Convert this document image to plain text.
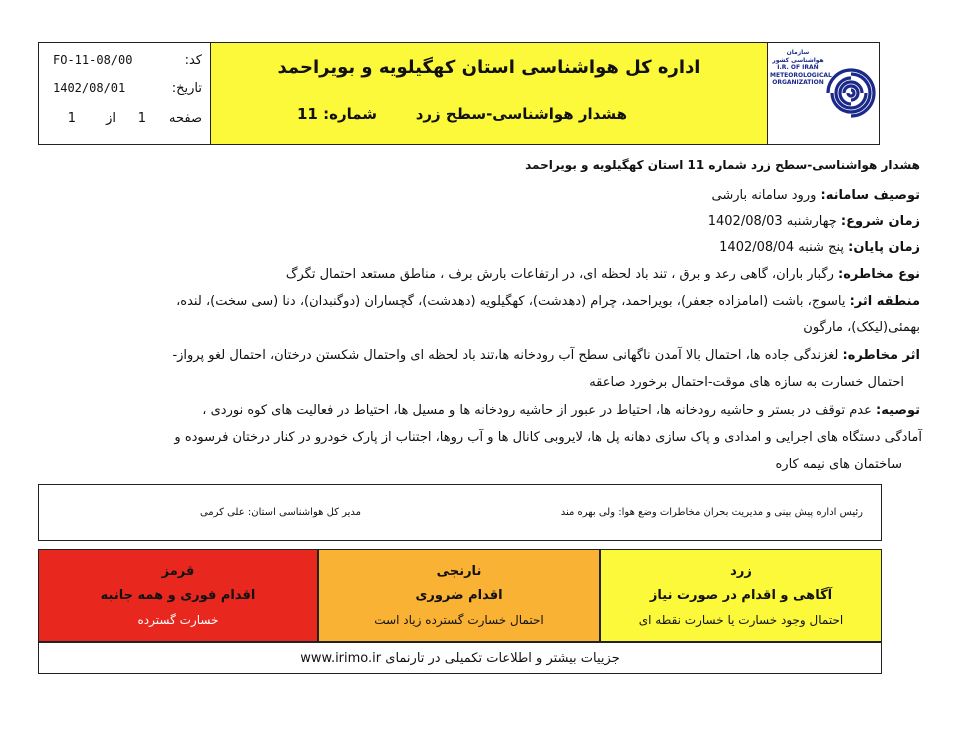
کد:
FO-11-08/00
تاریخ:
1402/08/01
صفحه
1
از
1
اداره کل هواشناسی استان کهگیلویه و بویراحمد
هشدار هواشناسی-سطح زرد
شماره: 11
سازمان هواشناسی کشور
I.R. OF IRAN
METEOROLOGICAL
ORGANIZATION
هشدار هواشناسی-سطح زرد شماره 11 استان کهگیلویه و بویراحمد
توصیف سامانه: ورود سامانه بارشی
زمان شروع: چهارشنبه 1402/08/03
زمان پایان: پنج شنبه 1402/08/04
نوع مخاطره: رگبار باران، گاهی رعد و برق ، تند باد لحظه ای، در ارتفاعات بارش برف ، مناطق مستعد احتمال تگرگ
منطقه اثر: یاسوج، باشت (امامزاده جعفر)، بویراحمد، چرام (دهدشت)، کهگیلویه (دهدشت)، گچساران (دوگنبدان)، دنا (سی سخت)، لنده،
بهمئی(لیکک)، مارگون
اثر مخاطره: لغزندگی جاده ها، احتمال بالا آمدن ناگهانی سطح آب رودخانه ها،تند باد لحظه ای واحتمال شکستن درختان، احتمال لغو پرواز-
احتمال خسارت به سازه های موقت-احتمال برخورد صاعقه
توصیه: عدم توقف در بستر و حاشیه رودخانه ها، احتیاط در عبور از حاشیه رودخانه ها و مسیل ها، احتیاط در فعالیت های کوه نوردی ،
آمادگی دستگاه های اجرایی و امدادی و پاک سازی دهانه پل ها، لایروبی کانال ها و آب روها، اجتناب از پارک خودرو در کنار درختان فرسوده و
ساختمان های نیمه کاره
رئیس اداره پیش بینی و مدیریت بحران مخاطرات وضع هوا: ولی بهره مند
مدیر کل هواشناسی استان: علی کرمی
زرد
آگاهی و اقدام در صورت نیاز
احتمال وجود خسارت یا خسارت نقطه ای
نارنجی
اقدام ضروری
احتمال خسارت گسترده زیاد است
قرمز
اقدام فوری و همه جانبه
خسارت گسترده
جزییات بیشتر و اطلاعات تکمیلی در تارنمای www.irimo.ir
